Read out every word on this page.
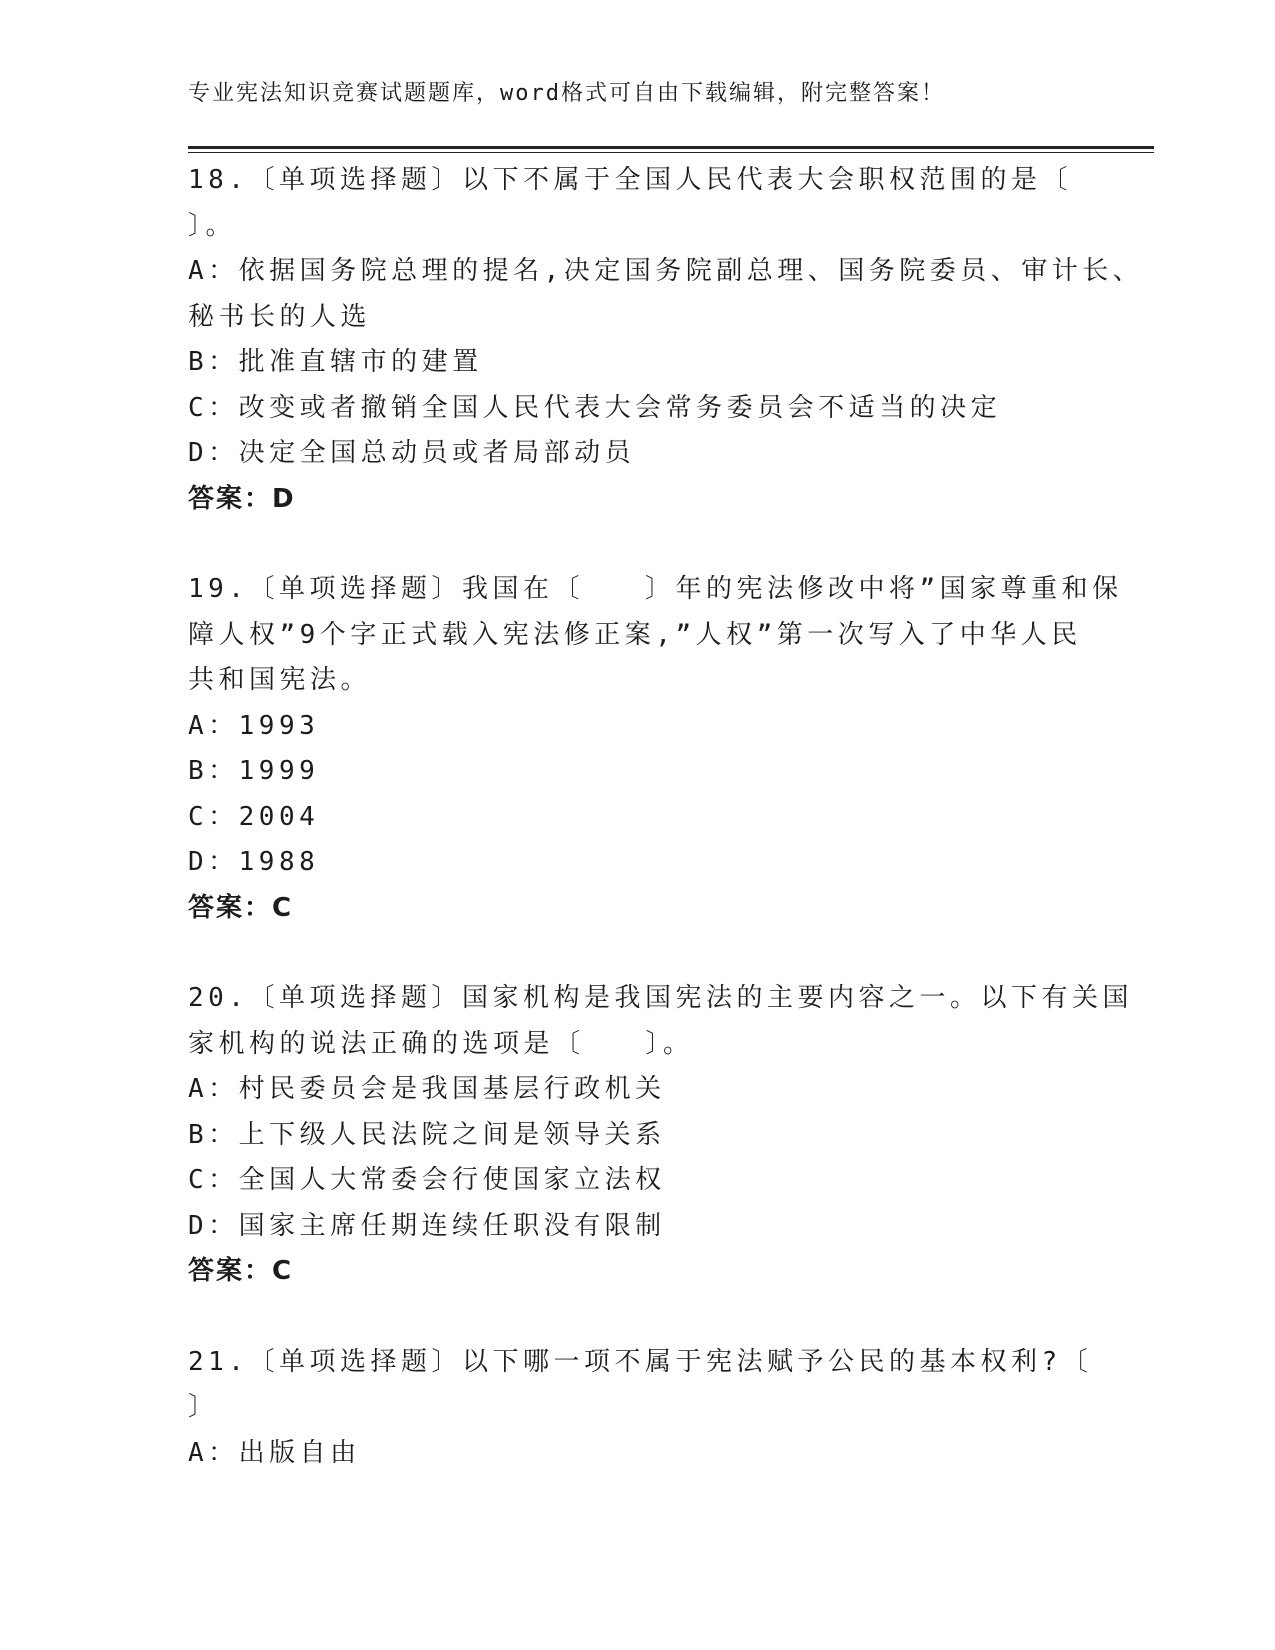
专业宪法知识竞赛试题题库，word格式可自由下载编辑，附完整答案！
18.〔单项选择题〕以下不属于全国人民代表大会职权范围的是〔
〕。
A：依据国务院总理的提名,决定国务院副总理、国务院委员、审计长、
秘书长的人选
B：批准直辖市的建置
C：改变或者撤销全国人民代表大会常务委员会不适当的决定
D：决定全国总动员或者局部动员
答案：D
19.〔单项选择题〕我国在〔　　〕年的宪法修改中将”国家尊重和保
障人权”9个字正式载入宪法修正案,”人权”第一次写入了中华人民
共和国宪法。
A：1993
B：1999
C：2004
D：1988
答案：C
20.〔单项选择题〕国家机构是我国宪法的主要内容之一。以下有关国
家机构的说法正确的选项是〔　　〕。
A：村民委员会是我国基层行政机关
B：上下级人民法院之间是领导关系
C：全国人大常委会行使国家立法权
D：国家主席任期连续任职没有限制
答案：C
21.〔单项选择题〕以下哪一项不属于宪法赋予公民的基本权利?〔
〕
A：出版自由
